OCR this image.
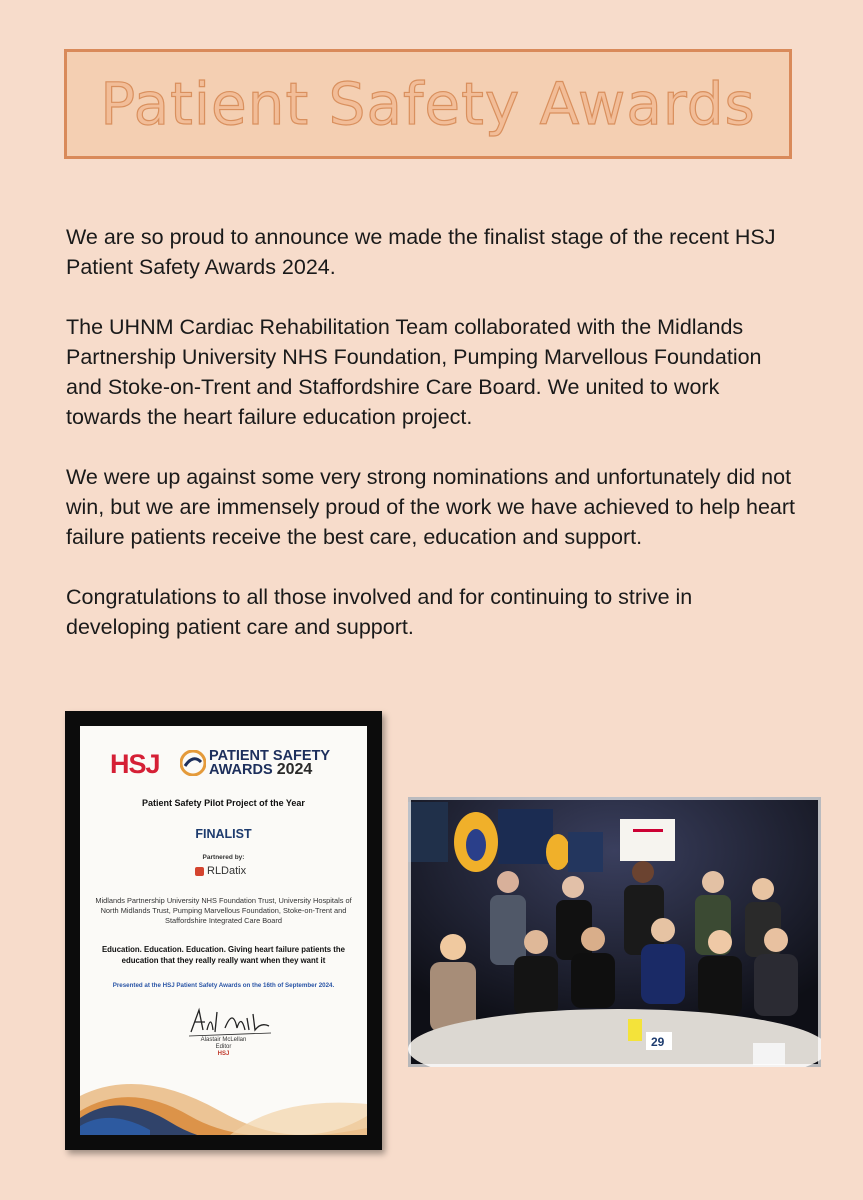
Patient Safety Awards

We are so proud to announce we made the finalist stage of the recent HSJ Patient Safety Awards 2024.

The UHNM Cardiac Rehabilitation Team collaborated with the Midlands Partnership University NHS Foundation, Pumping Marvellous Foundation and Stoke-on-Trent and Staffordshire Care Board. We united to work towards the heart failure education project.

We were up against some very strong nominations and unfortunately did not win, but we are immensely proud of the work we have achieved to help heart failure patients receive the best care, education and support.

Congratulations to all those involved and for continuing to strive in developing patient care and support.

HSJ	PATIENT SAFETY
AWARDS 2024
Patient Safety Pilot Project of the Year
FINALIST
Partnered by:
RLDatix
Midlands Partnership University NHS Foundation Trust, University Hospitals of North Midlands Trust, Pumping Marvellous Foundation, Stoke-on-Trent and Staffordshire Integrated Care Board
Education. Education. Education. Giving heart failure patients the education that they really really want when they want it
Presented at the HSJ Patient Safety Awards on the 16th of September 2024.
Alastair McLellan
Editor
HSJ
29
